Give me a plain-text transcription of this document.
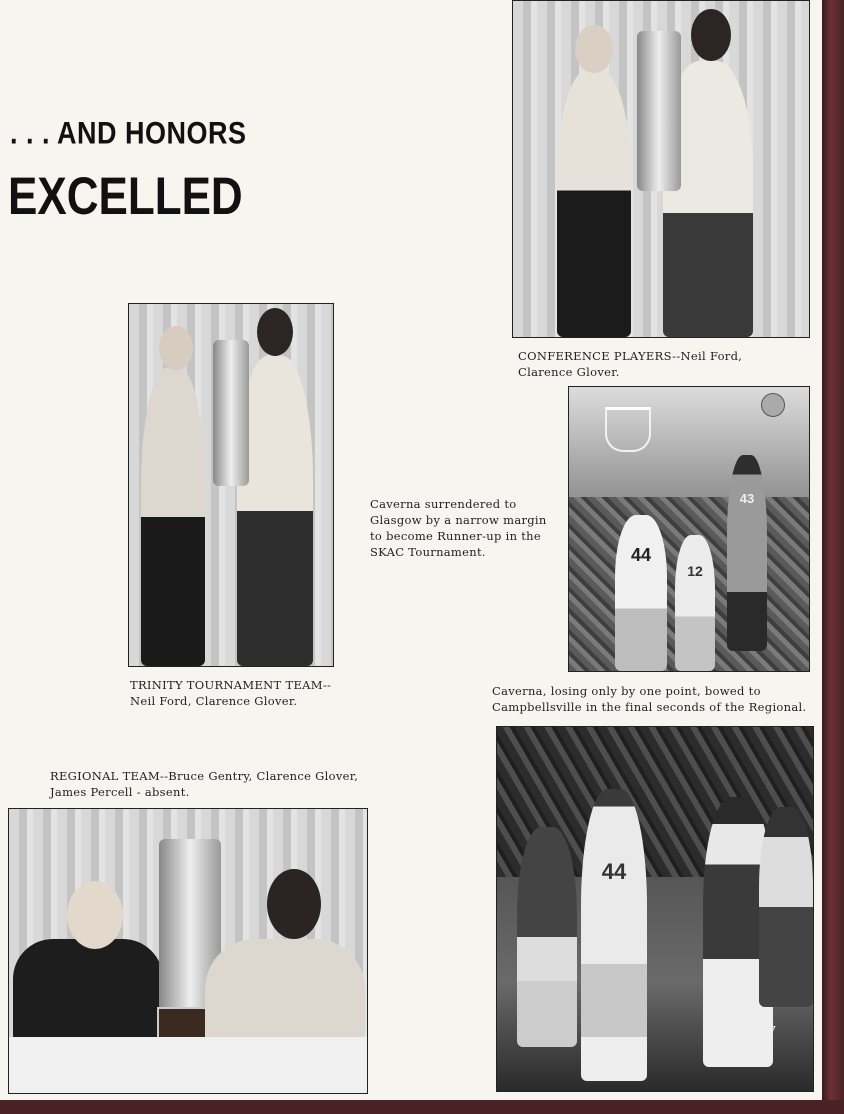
. . . AND HONORS
EXCELLED
CONFERENCE PLAYERS--Neil Ford, Clarence Glover.
TRINITY TOURNAMENT TEAM--Neil Ford, Clarence Glover.
Caverna surrendered to Glasgow by a narrow margin to become Runner-up in the SKAC Tournament.	44
12
43
Caverna, losing only by one point, bowed to Campbellsville in the final seconds of the Regional.
REGIONAL TEAM--Bruce Gentry, Clarence Glover, James Percell - absent.
44
77
